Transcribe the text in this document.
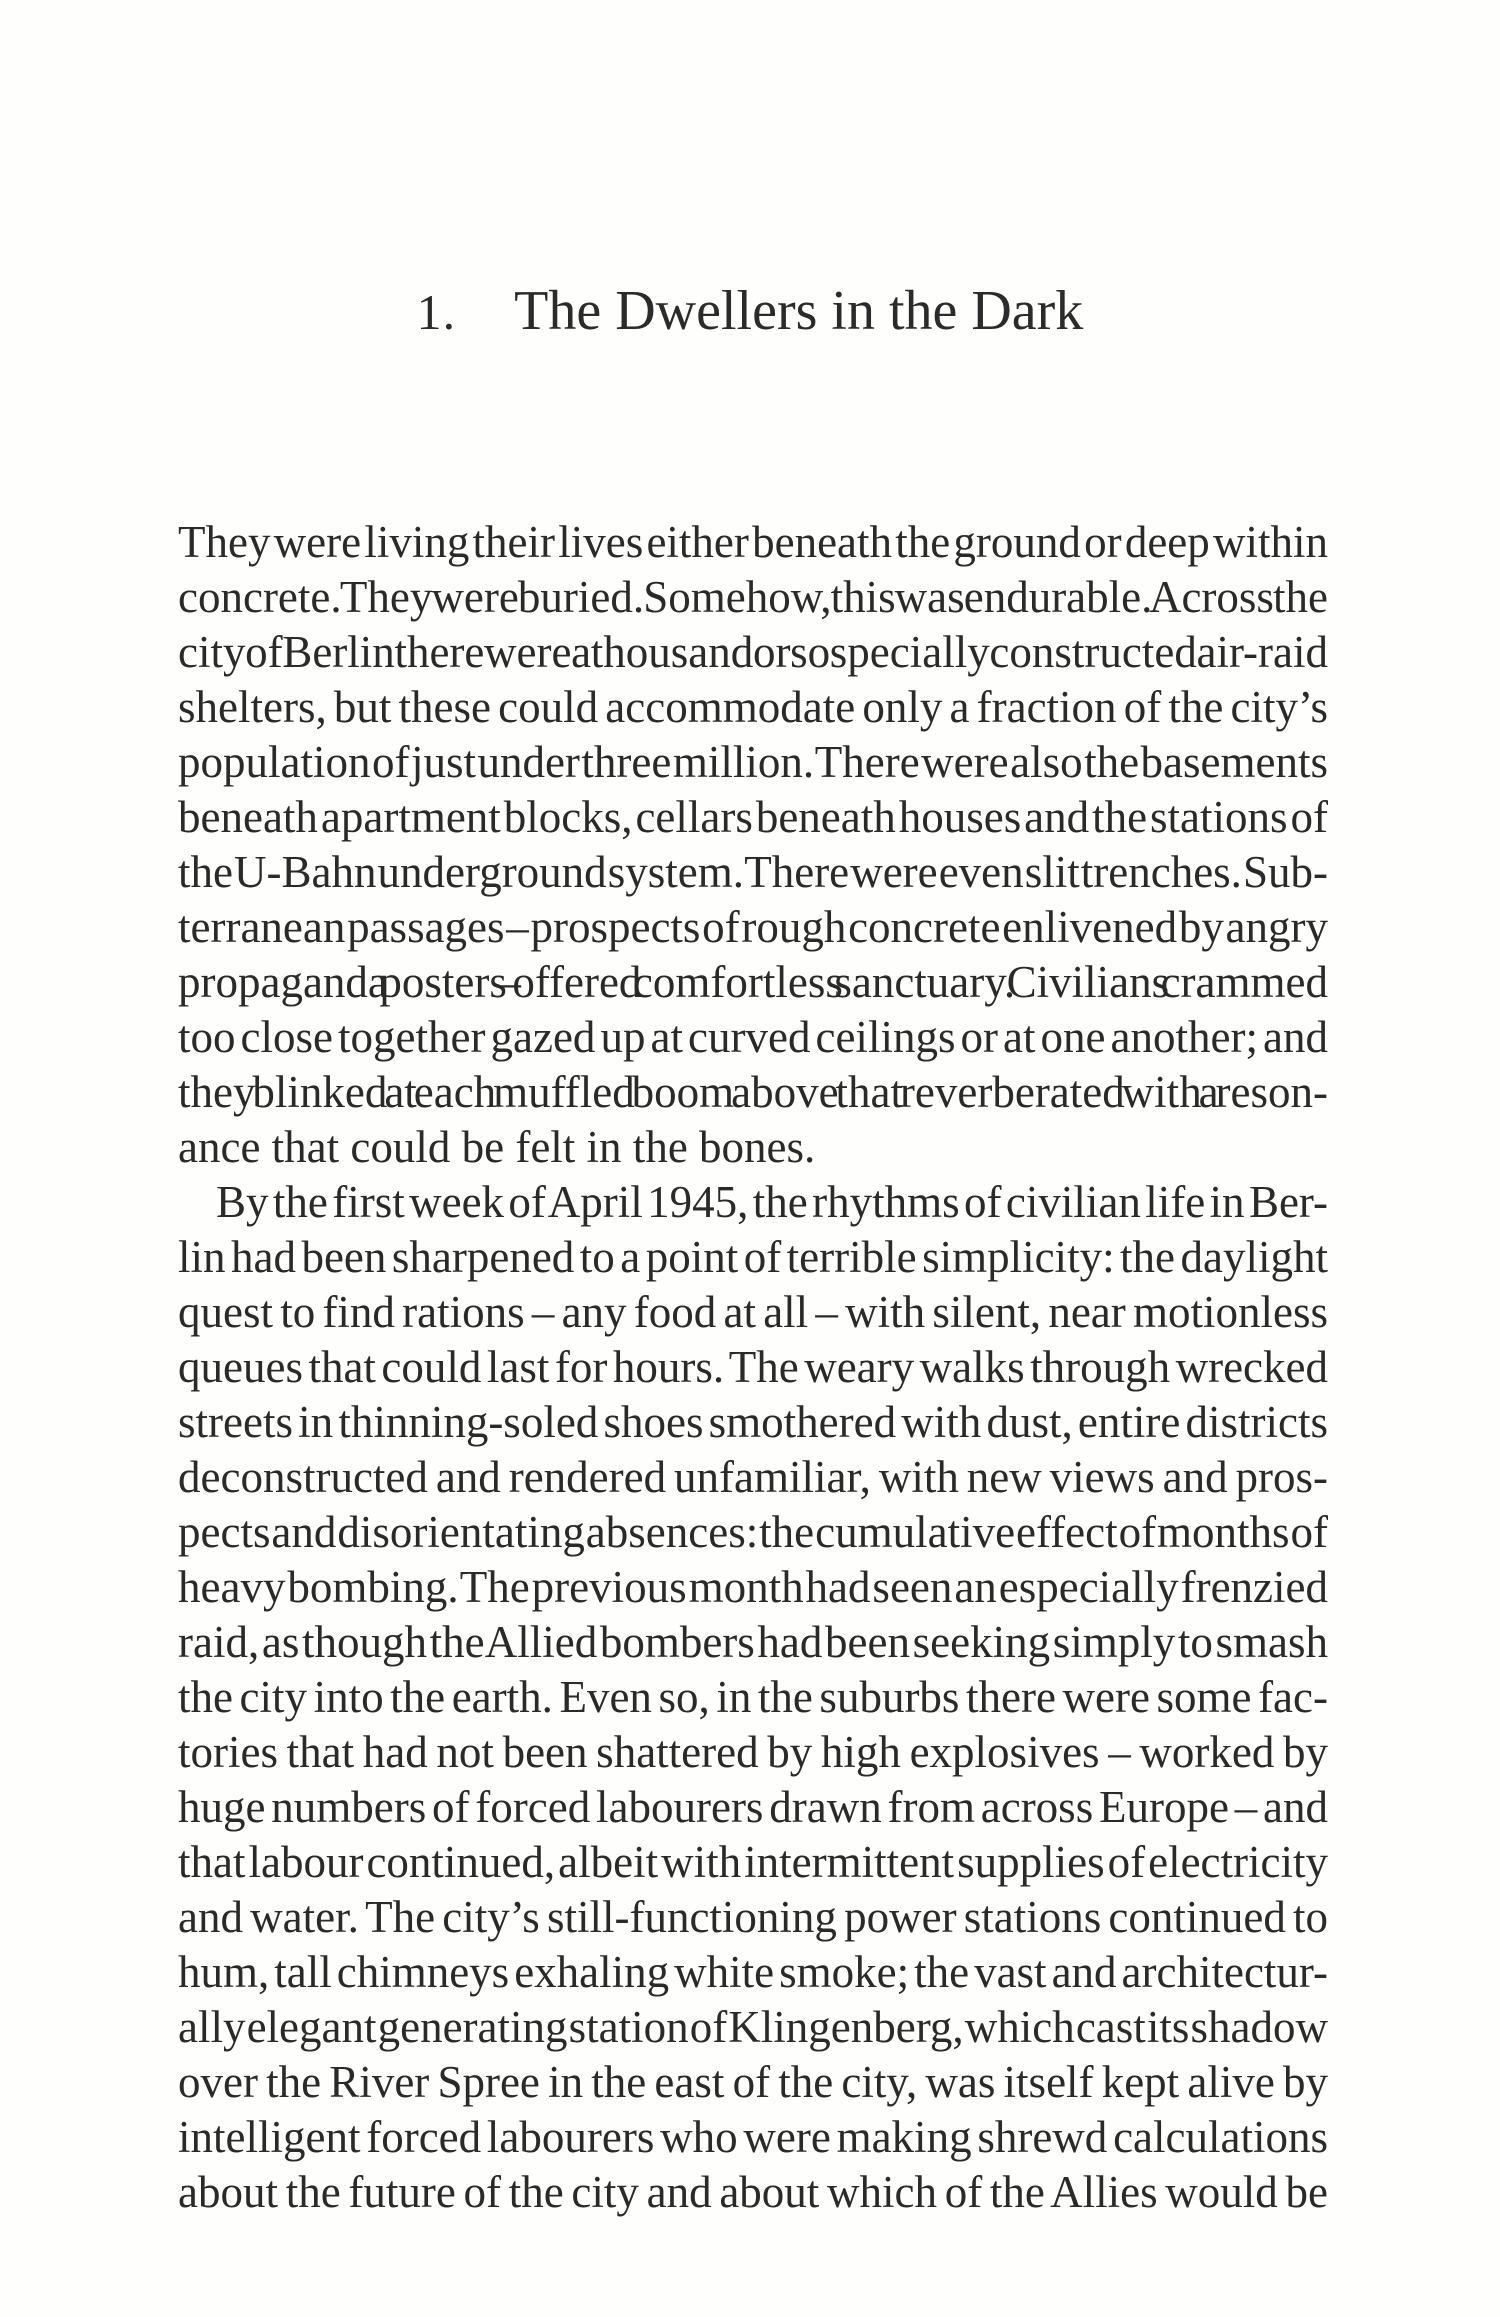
1. The Dwellers in the Dark
They were living their lives either beneath the ground or deep within
concrete. They were buried. Somehow, this was endurable. Across the
city of Berlin there were a thousand or so specially constructed air-raid
shelters, but these could accommodate only a fraction of the city’s
population of just under three million. There were also the basements
beneath apartment blocks, cellars beneath houses and the stations of
the U-Bahn underground system. There were even slit trenches. Sub-
terranean passages – prospects of rough concrete enlivened by angry
propaganda posters – offered comfortless sanctuary. Civilians crammed
too close together gazed up at curved ceilings or at one another; and
they blinked at each muffled boom above that reverberated with a reson-
ance that could be felt in the bones.
By the first week of April 1945, the rhythms of civilian life in Ber-
lin had been sharpened to a point of terrible simplicity: the daylight
quest to find rations – any food at all – with silent, near motionless
queues that could last for hours. The weary walks through wrecked
streets in thinning-soled shoes smothered with dust, entire districts
deconstructed and rendered unfamiliar, with new views and pros-
pects and disorientating absences: the cumulative effect of months of
heavy bombing. The previous month had seen an especially frenzied
raid, as though the Allied bombers had been seeking simply to smash
the city into the earth. Even so, in the suburbs there were some fac-
tories that had not been shattered by high explosives – worked by
huge numbers of forced labourers drawn from across Europe – and
that labour continued, albeit with intermittent supplies of electricity
and water. The city’s still-functioning power stations continued to
hum, tall chimneys exhaling white smoke; the vast and architectur-
ally elegant generating station of Klingenberg, which cast its shadow
over the River Spree in the east of the city, was itself kept alive by
intelligent forced labourers who were making shrewd calculations
about the future of the city and about which of the Allies would be
